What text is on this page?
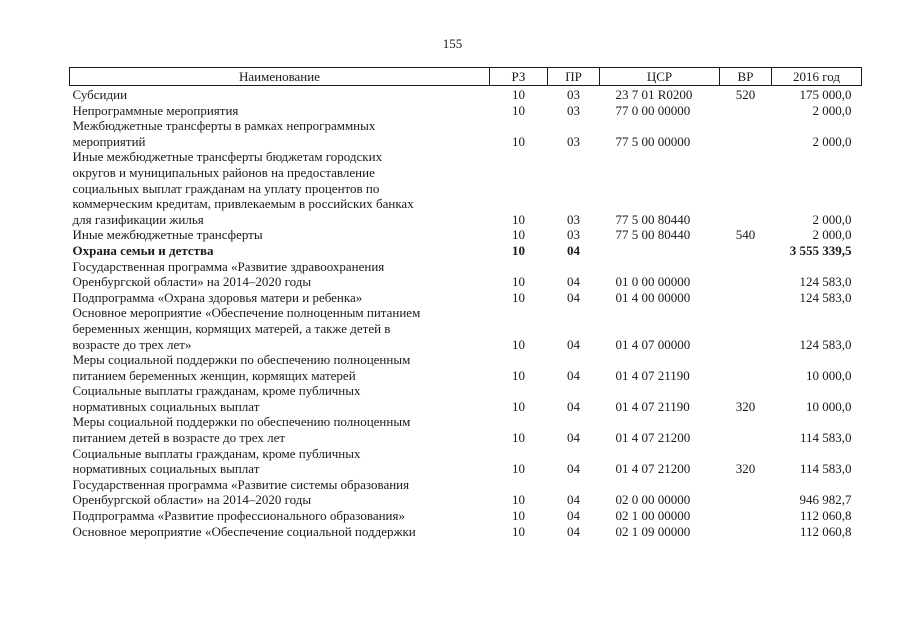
155
Наименование	РЗ	ПР	ЦСР	ВР	2016 год

Субсидии	10	03	23 7 01 R0200	520	175 000,0

Непрограммные мероприятия	10	03	77 0 00 00000		2 000,0

Межбюджетные трансферты в рамках непрограммных
мероприятий	10	03	77 5 00 00000		2 000,0

Иные межбюджетные трансферты бюджетам городских
округов и муниципальных районов на предоставление
социальных выплат гражданам на уплату процентов по
коммерческим кредитам, привлекаемым в российских банках
для газификации жилья	10	03	77 5 00 80440		2 000,0

Иные межбюджетные трансферты	10	03	77 5 00 80440	540	2 000,0

Охрана семьи и детства	10	04			3 555 339,5

Государственная программа «Развитие здравоохранения
Оренбургской области» на 2014–2020 годы	10	04	01 0 00 00000		124 583,0

Подпрограмма «Охрана здоровья матери и ребенка»	10	04	01 4 00 00000		124 583,0

Основное мероприятие «Обеспечение полноценным питанием
беременных женщин, кормящих матерей, а также детей в
возрасте до трех лет»	10	04	01 4 07 00000		124 583,0

Меры социальной поддержки по обеспечению полноценным
питанием беременных женщин, кормящих матерей	10	04	01 4 07 21190		10 000,0

Социальные выплаты гражданам, кроме публичных
нормативных социальных выплат	10	04	01 4 07 21190	320	10 000,0

Меры социальной поддержки по обеспечению полноценным
питанием детей в возрасте до трех лет	10	04	01 4 07 21200		114 583,0

Социальные выплаты гражданам, кроме публичных
нормативных социальных выплат	10	04	01 4 07 21200	320	114 583,0

Государственная программа «Развитие системы образования
Оренбургской области» на 2014–2020 годы	10	04	02 0 00 00000		946 982,7

Подпрограмма «Развитие профессионального образования»	10	04	02 1 00 00000		112 060,8

Основное мероприятие «Обеспечение социальной поддержки	10	04	02 1 09 00000		112 060,8
